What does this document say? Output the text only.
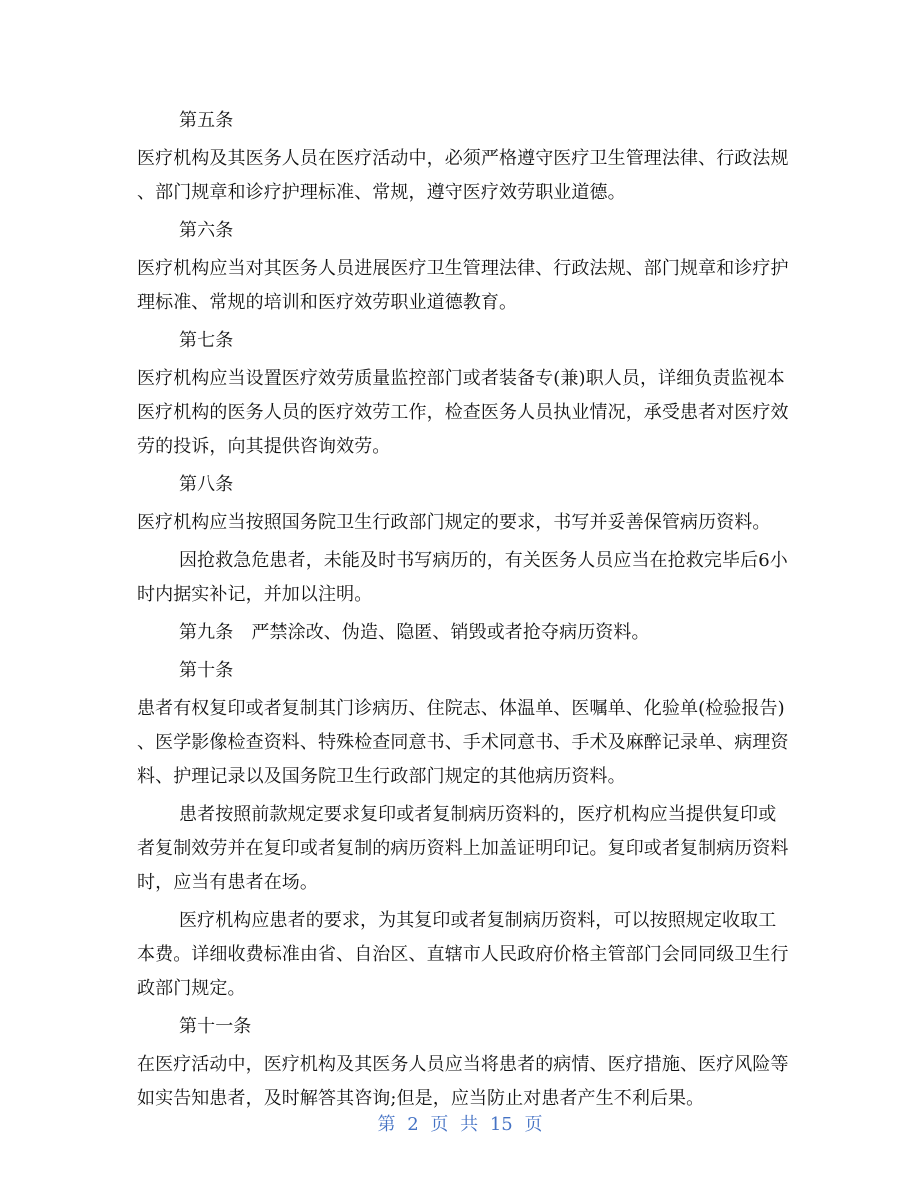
第五条
医疗机构及其医务人员在医疗活动中，必须严格遵守医疗卫生管理法律、行政法规
、部门规章和诊疗护理标准、常规，遵守医疗效劳职业道德。
第六条
医疗机构应当对其医务人员进展医疗卫生管理法律、行政法规、部门规章和诊疗护
理标准、常规的培训和医疗效劳职业道德教育。
第七条
医疗机构应当设置医疗效劳质量监控部门或者装备专(兼)职人员，详细负责监视本
医疗机构的医务人员的医疗效劳工作，检查医务人员执业情况，承受患者对医疗效
劳的投诉，向其提供咨询效劳。
第八条
医疗机构应当按照国务院卫生行政部门规定的要求，书写并妥善保管病历资料。
因抢救急危患者，未能及时书写病历的，有关医务人员应当在抢救完毕后6小
时内据实补记，并加以注明。
第九条　严禁涂改、伪造、隐匿、销毁或者抢夺病历资料。
第十条
患者有权复印或者复制其门诊病历、住院志、体温单、医嘱单、化验单(检验报告)
、医学影像检查资料、特殊检查同意书、手术同意书、手术及麻醉记录单、病理资
料、护理记录以及国务院卫生行政部门规定的其他病历资料。
患者按照前款规定要求复印或者复制病历资料的，医疗机构应当提供复印或
者复制效劳并在复印或者复制的病历资料上加盖证明印记。复印或者复制病历资料
时，应当有患者在场。
医疗机构应患者的要求，为其复印或者复制病历资料，可以按照规定收取工
本费。详细收费标准由省、自治区、直辖市人民政府价格主管部门会同同级卫生行
政部门规定。
第十一条
在医疗活动中，医疗机构及其医务人员应当将患者的病情、医疗措施、医疗风险等
如实告知患者，及时解答其咨询;但是，应当防止对患者产生不利后果。
第 2 页 共 15 页
